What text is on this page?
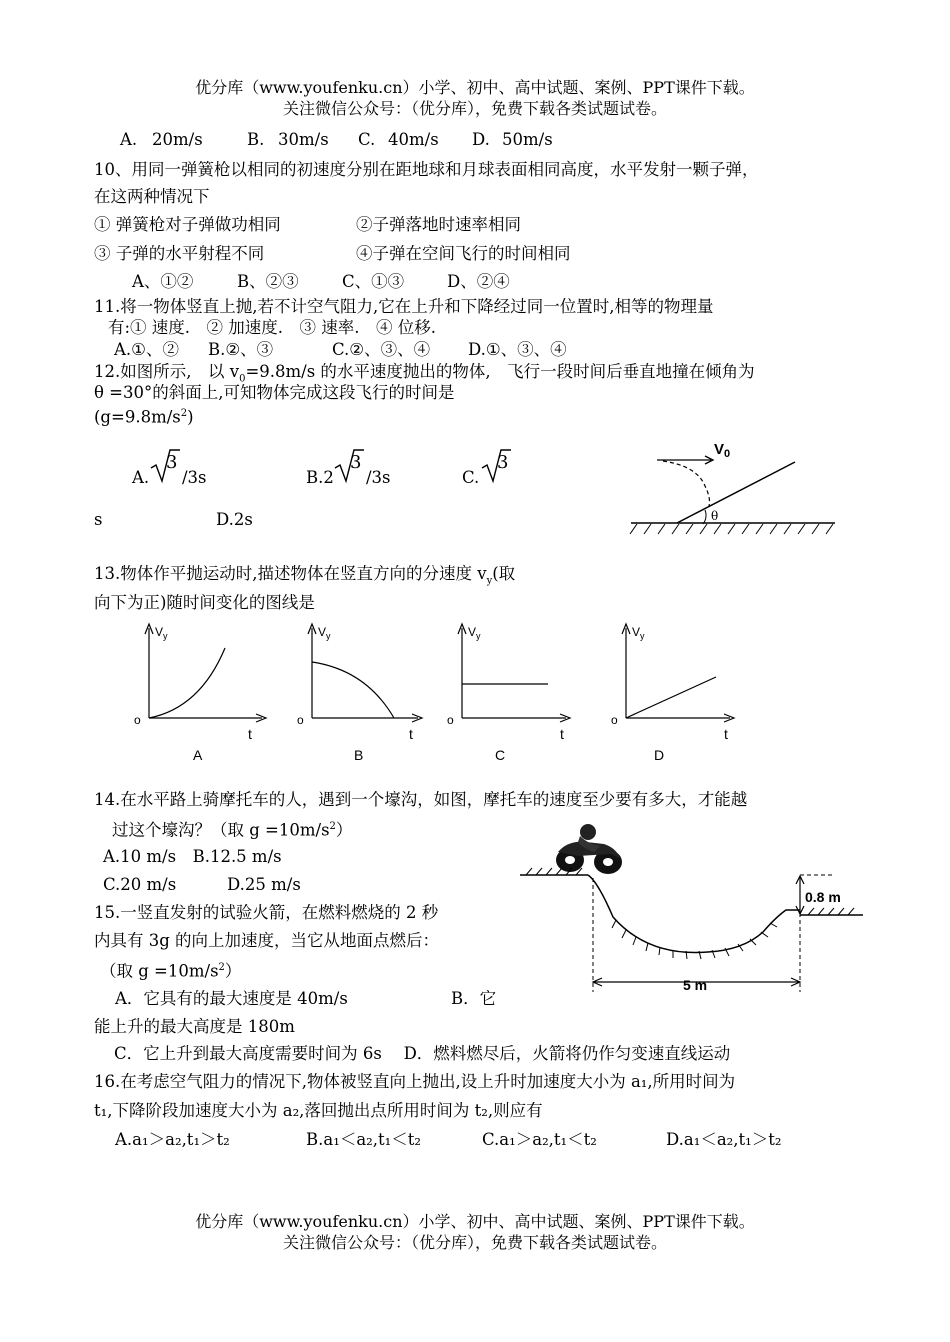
优分库（www.youfenku.cn）小学、初中、高中试题、案例、PPT课件下载。
关注微信公众号：（优分库），免费下载各类试题试卷。
A. 20m/s	B. 30m/s C. 40m/s D. 50m/s
10、用同一弹簧枪以相同的初速度分别在距地球和月球表面相同高度，水平发射一颗子弹，
在这两种情况下
① 弹簧枪对子弹做功相同	②子弹落地时速率相同
③ 子弹的水平射程不同	④子弹在空间飞行的时间相同
A、①②	B、②③	C、①③	D、②④
11.将一物体竖直上抛,若不计空气阻力,它在上升和下降经过同一位置时,相等的物理量
有:① 速度.　② 加速度.　③ 速率.　④ 位移.
A.①、② B.②、③	C.②、③、④ D.①、③、④
12.如图所示,　以 $v_0=9.8m/s$ 的水平速度抛出的物体,　飞行一段时间后垂直地撞在倾角为
θ =30°的斜面上,可知物体完成这段飞行的时间是
$(g=9.8m/s^2)$
A.
3
/3s	B.2
3
/3s	C.
3
s	D.2s
$V_0$
θ
13.物体作平抛运动时,描述物体在竖直方向的分速度 $v_y$(取
向下为正)随时间变化的图线是
$V_y$
o
t
A
$V_y$
o
t
B
$V_y$
o
t
C
$V_y$
o
t
D
14.在水平路上骑摩托车的人，遇到一个壕沟，如图，摩托车的速度至少要有多大，才能越
过这个壕沟？（取 $g =10m/s^2$）
A.10 m/s　B.12.5 m/s
C.20 m/s	D.25 m/s
0.8 m
5 m
15.一竖直发射的试验火箭，在燃料燃烧的 2 秒
内具有 3g 的向上加速度，当它从地面点燃后：
（取 $g =10m/s^2$）
A．它具有的最大速度是 40m/s	B．它
能上升的最大高度是 180m
C．它上升到最大高度需要时间为 6s　 D．燃料燃尽后，火箭将仍作匀变速直线运动
16.在考虑空气阻力的情况下,物体被竖直向上抛出,设上升时加速度大小为 a₁,所用时间为
t₁,下降阶段加速度大小为 a₂,落回抛出点所用时间为 t₂,则应有
A.a₁＞a₂,t₁＞t₂	B.a₁＜a₂,t₁＜t₂	C.a₁＞a₂,t₁＜t₂	D.a₁＜a₂,t₁＞t₂
优分库（www.youfenku.cn）小学、初中、高中试题、案例、PPT课件下载。
关注微信公众号：（优分库），免费下载各类试题试卷。
